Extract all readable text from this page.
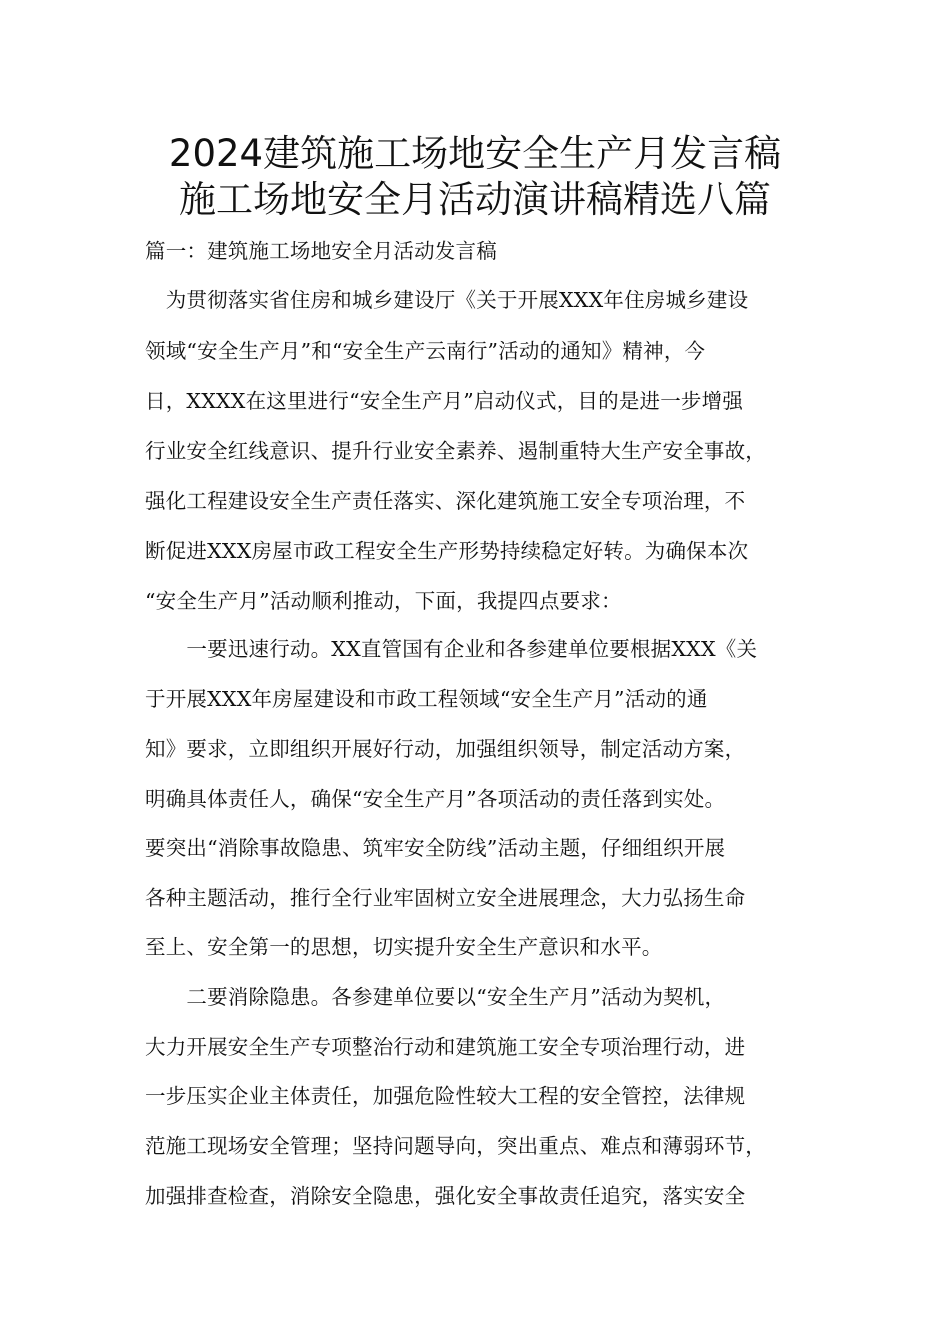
2024建筑施工场地安全生产月发言稿
施工场地安全月活动演讲稿精选八篇
篇一：建筑施工场地安全月活动发言稿
　为贯彻落实省住房和城乡建设厅《关于开展XXX年住房城乡建设
领域“安全生产月”和“安全生产云南行”活动的通知》精神，今
日，XXXX在这里进行“安全生产月”启动仪式，目的是进一步增强
行业安全红线意识、提升行业安全素养、遏制重特大生产安全事故，
强化工程建设安全生产责任落实、深化建筑施工安全专项治理，不
断促进XXX房屋市政工程安全生产形势持续稳定好转。为确保本次
“安全生产月”活动顺利推动，下面，我提四点要求：
　　一要迅速行动。XX直管国有企业和各参建单位要根据XXX《关
于开展XXX年房屋建设和市政工程领域“安全生产月”活动的通
知》要求，立即组织开展好行动，加强组织领导，制定活动方案，
明确具体责任人，确保“安全生产月”各项活动的责任落到实处。
要突出“消除事故隐患、筑牢安全防线”活动主题，仔细组织开展
各种主题活动，推行全行业牢固树立安全进展理念，大力弘扬生命
至上、安全第一的思想，切实提升安全生产意识和水平。
　　二要消除隐患。各参建单位要以“安全生产月”活动为契机，
大力开展安全生产专项整治行动和建筑施工安全专项治理行动，进
一步压实企业主体责任，加强危险性较大工程的安全管控，法律规
范施工现场安全管理；坚持问题导向，突出重点、难点和薄弱环节，
加强排查检查，消除安全隐患，强化安全事故责任追究，落实安全
